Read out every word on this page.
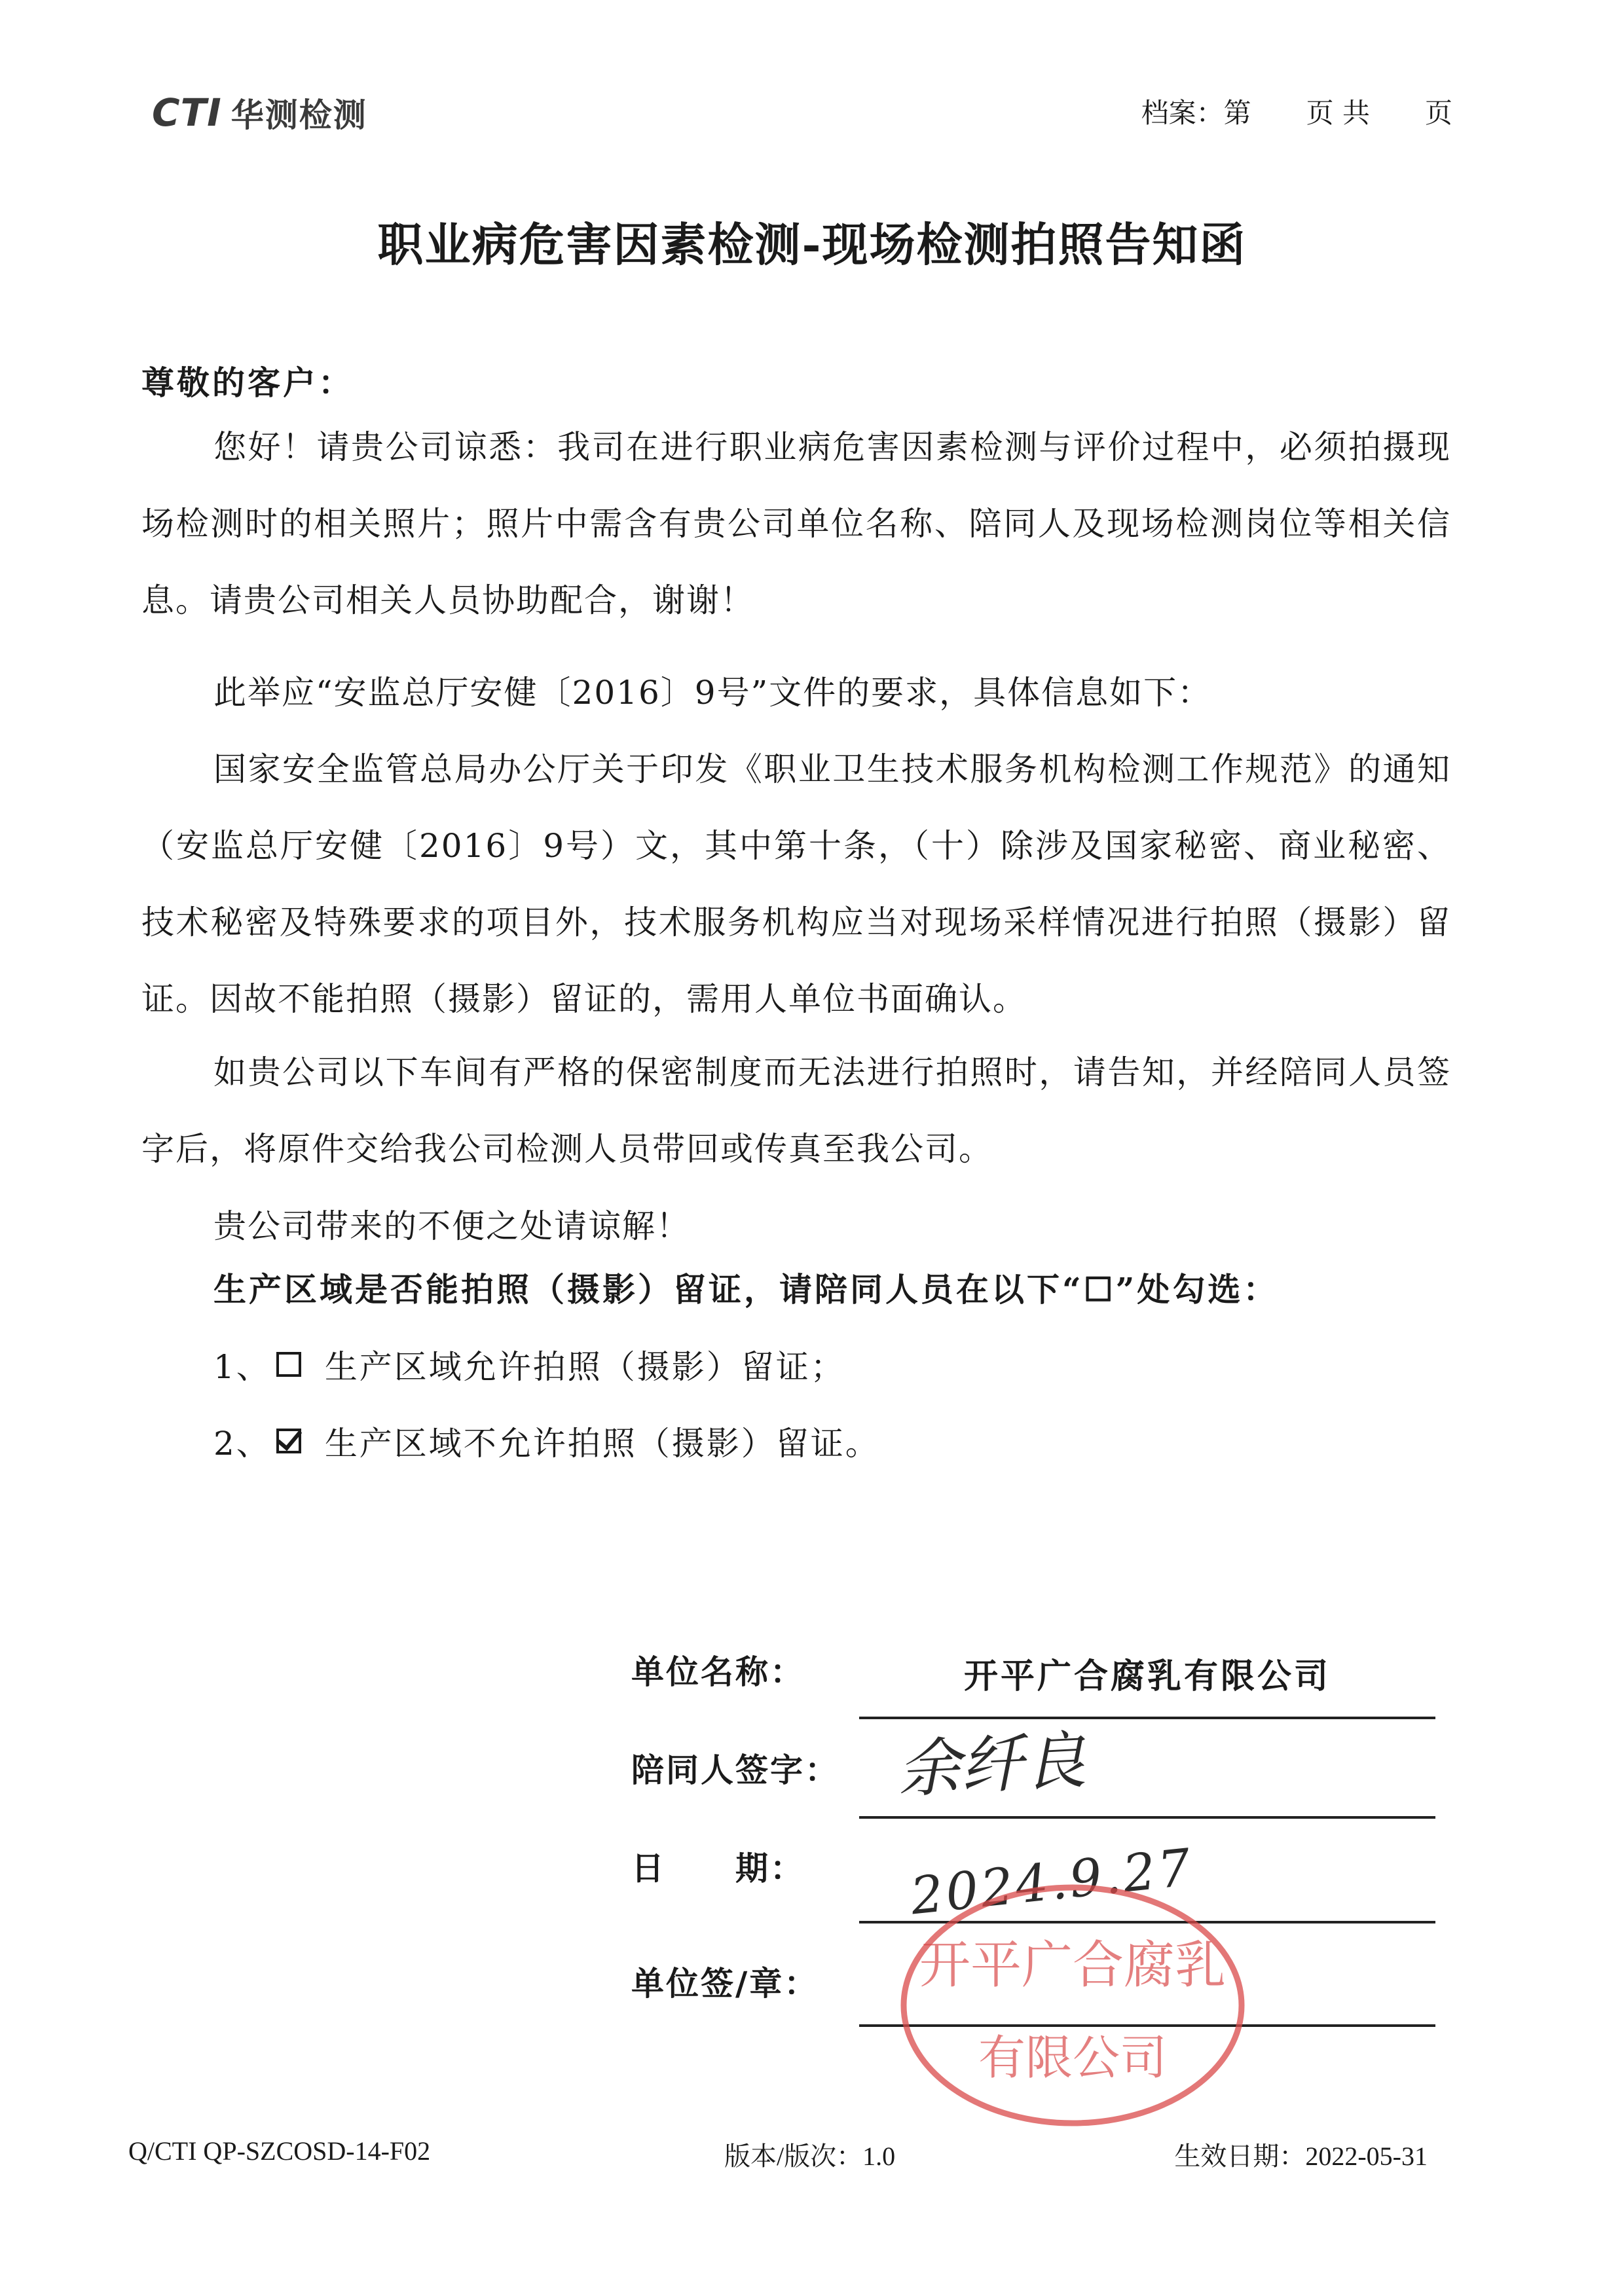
CTI 华测检测	档案：第　　页 共　　页
职业病危害因素检测-现场检测拍照告知函
尊敬的客户：
您好！请贵公司谅悉：我司在进行职业病危害因素检测与评价过程中，必须拍摄现场检测时的相关照片；照片中需含有贵公司单位名称、陪同人及现场检测岗位等相关信息。请贵公司相关人员协助配合，谢谢！
此举应“安监总厅安健〔2016〕9号”文件的要求，具体信息如下：
国家安全监管总局办公厅关于印发《职业卫生技术服务机构检测工作规范》的通知（安监总厅安健〔2016〕9号）文，其中第十条，（十）除涉及国家秘密、商业秘密、技术秘密及特殊要求的项目外，技术服务机构应当对现场采样情况进行拍照（摄影）留证。因故不能拍照（摄影）留证的，需用人单位书面确认。
如贵公司以下车间有严格的保密制度而无法进行拍照时，请告知，并经陪同人员签字后，将原件交给我公司检测人员带回或传真至我公司。
贵公司带来的不便之处请谅解！
生产区域是否能拍照（摄影）留证，请陪同人员在以下“☐”处勾选：
1、 生产区域允许拍照（摄影）留证；
2、 生产区域不允许拍照（摄影）留证。
单位名称：	开平广合腐乳有限公司
陪同人签字： 余纤良
日　　期： 2024.9.27
单位签/章： 开平广合腐乳
有限公司
Q/CTI QP-SZCOSD-14-F02	版本/版次：1.0	生效日期：2022-05-31
